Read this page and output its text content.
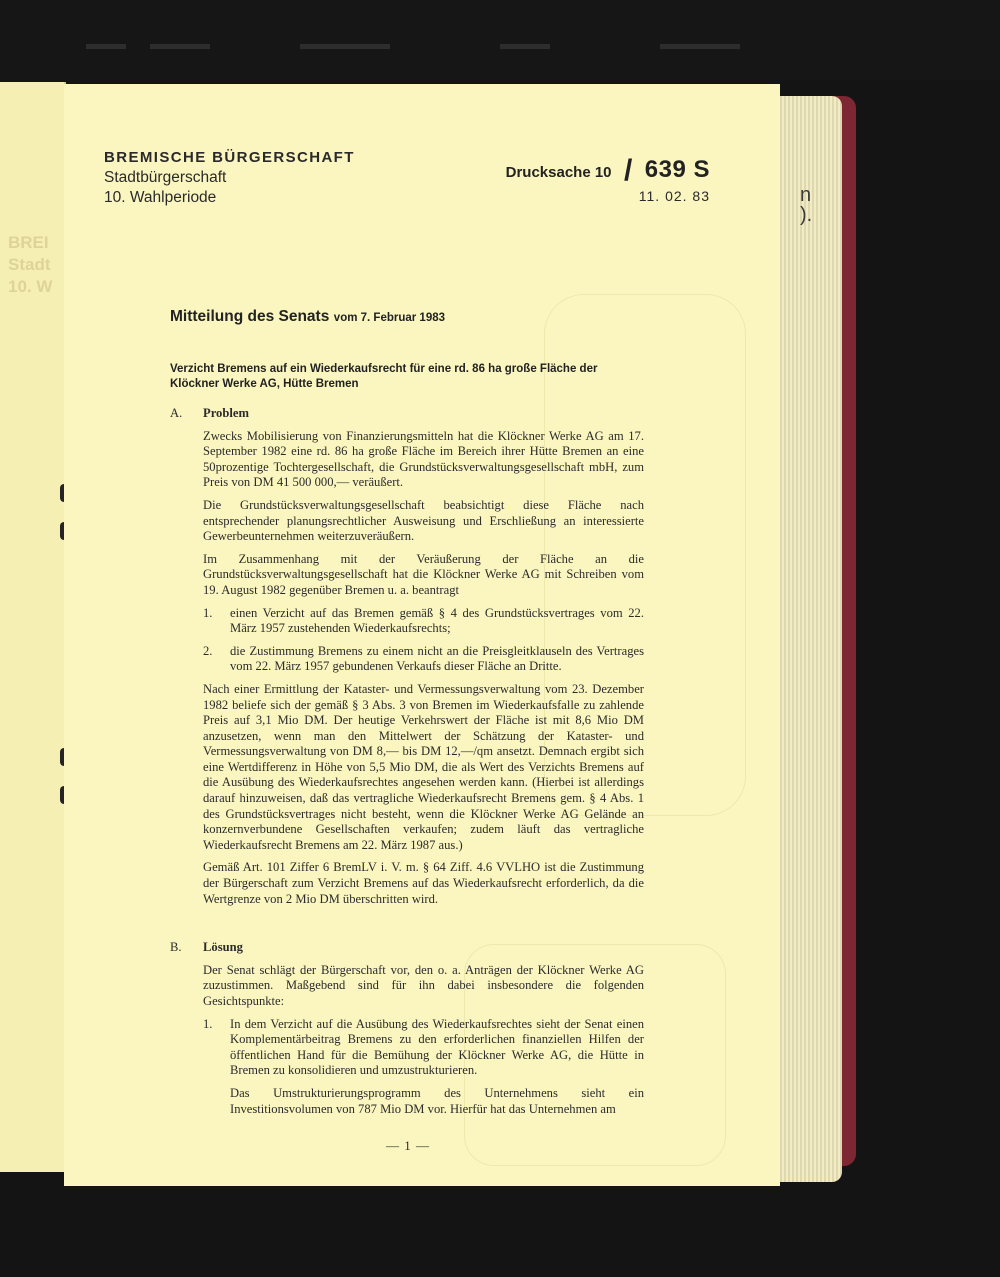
BREI
Stadt
10. W
n
).
BREMISCHE BÜRGERSCHAFT
Stadtbürgerschaft
10. Wahlperiode
Drucksache 10 / 639 S
11. 02. 83
Mitteilung des Senats vom 7. Februar 1983
Verzicht Bremens auf ein Wiederkaufsrecht für eine rd. 86 ha große Fläche der
Klöckner Werke AG, Hütte Bremen
A.	Problem

Zwecks Mobilisierung von Finanzierungsmitteln hat die Klöckner Werke AG am 17. September 1982 eine rd. 86 ha große Fläche im Bereich ihrer Hütte Bremen an eine 50prozentige Tochtergesellschaft, die Grundstücksverwaltungsgesellschaft mbH, zum Preis von DM 41 500 000,— veräußert.

Die Grundstücksverwaltungsgesellschaft beabsichtigt diese Fläche nach entsprechender planungsrechtlicher Ausweisung und Erschließung an interessierte Gewerbeunternehmen weiterzuveräußern.

Im Zusammenhang mit der Veräußerung der Fläche an die Grundstücksverwaltungsgesellschaft hat die Klöckner Werke AG mit Schreiben vom 19. August 1982 gegenüber Bremen u. a. beantragt

1.	einen Verzicht auf das Bremen gemäß § 4 des Grundstücksvertrages vom 22. März 1957 zustehenden Wiederkaufsrechts;
2.	die Zustimmung Bremens zu einem nicht an die Preisgleitklauseln des Vertrages vom 22. März 1957 gebundenen Verkaufs dieser Fläche an Dritte.

Nach einer Ermittlung der Kataster- und Vermessungsverwaltung vom 23. Dezember 1982 beliefe sich der gemäß § 3 Abs. 3 von Bremen im Wiederkaufsfalle zu zahlende Preis auf 3,1 Mio DM. Der heutige Verkehrswert der Fläche ist mit 8,6 Mio DM anzusetzen, wenn man den Mittelwert der Schätzung der Kataster- und Vermessungsverwaltung von DM 8,— bis DM 12,—/qm ansetzt. Demnach ergibt sich eine Wertdifferenz in Höhe von 5,5 Mio DM, die als Wert des Verzichts Bremens auf die Ausübung des Wiederkaufsrechtes angesehen werden kann. (Hierbei ist allerdings darauf hinzuweisen, daß das vertragliche Wiederkaufsrecht Bremens gem. § 4 Abs. 1 des Grundstücksvertrages nicht besteht, wenn die Klöckner Werke AG Gelände an konzernverbundene Gesellschaften verkaufen; zudem läuft das vertragliche Wiederkaufsrecht Bremens am 22. März 1987 aus.)

Gemäß Art. 101 Ziffer 6 BremLV i. V. m. § 64 Ziff. 4.6 VVLHO ist die Zustimmung der Bürgerschaft zum Verzicht Bremens auf das Wiederkaufsrecht erforderlich, da die Wertgrenze von 2 Mio DM überschritten wird.

B.	Lösung

Der Senat schlägt der Bürgerschaft vor, den o. a. Anträgen der Klöckner Werke AG zuzustimmen. Maßgebend sind für ihn dabei insbesondere die folgenden Gesichtspunkte:

1.	In dem Verzicht auf die Ausübung des Wiederkaufsrechtes sieht der Senat einen Komplementärbeitrag Bremens zu den erforderlichen finanziellen Hilfen der öffentlichen Hand für die Bemühung der Klöckner Werke AG, die Hütte in Bremen zu konsolidieren und umzustrukturieren.

Das Umstrukturierungsprogramm des Unternehmens sieht ein Investitionsvolumen von 787 Mio DM vor. Hierfür hat das Unternehmen am

— 1 —
